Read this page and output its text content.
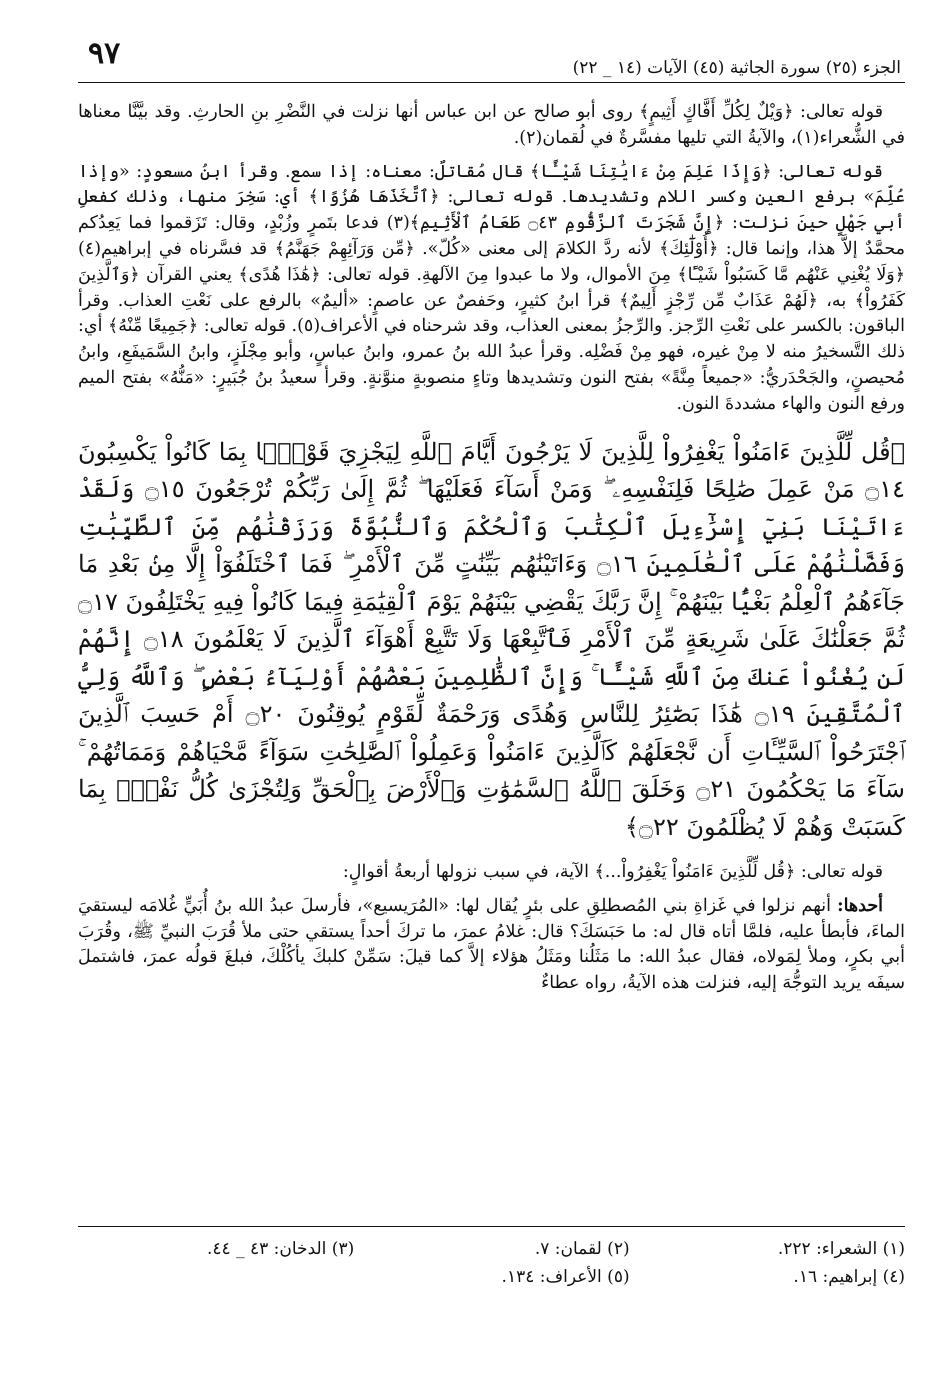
٩٧	الجزء (٢٥) سورة الجاثية (٤٥) الآيات (١٤ _ ٢٢)

قوله تعالى: ﴿وَيْلٌ لِكُلِّ أَفَّاكٍ أَثِيمٍ﴾ روى أبو صالح عن ابن عباس أنها نزلت في النَّضْرِ بنِ الحارثِ. وقد بيَّنَّا معناها في الشُّعراء(١)، والآيةُ التي تليها مفسَّرةٌ في لُقمان(٢).

قوله تعالى: ﴿وَإِذَا عَلِمَ مِنْ ءَايَٰتِنَا شَيْـًٔا﴾ قال مُقاتلٌ: معناه: إذا سمع. وقرأ ابنُ مسعودٍ: «وإذا عُلِّمَ» برفع العين وكسر اللام وتشديدها. قوله تعالى: ﴿ٱتَّخَذَهَا هُزُوًا﴾ أي: سَخِرَ منها، وذلك كفعلِ أبي جَهْلٍ حينَ نزلت: ﴿إِنَّ شَجَرَتَ ٱلزَّقُّومِ ۝٤٣ طَعَامُ ٱلْأَثِيمِ﴾(٣) فدعا بتَمرٍ وزُبْدٍ، وقال: تَزَقموا فما يَعِدُكم محمَّدٌ إلاَّ هذا، وإنما قال: ﴿أُوْلَٰٓئِكَ﴾ لأنه ردَّ الكلامَ إلى معنى «كُلّ». ﴿مِّن وَرَآئِهِمْ جَهَنَّمُ﴾ قد فسَّرناه في إبراهيم(٤) ﴿وَلَا يُغْنِي عَنْهُم مَّا كَسَبُواْ شَيْـًٔا﴾ مِنَ الأموال، ولا ما عبدوا مِنَ الآلهةِ. قوله تعالى: ﴿هَٰذَا هُدًى﴾ يعني القرآن ﴿وَٱلَّذِينَ كَفَرُواْ﴾ به، ﴿لَهُمْ عَذَابٌ مِّن رِّجْزٍ أَلِيمٌ﴾ قرأ ابنُ كثيرٍ، وحَفصٌ عن عاصمٍ: «أليمٌ» بالرفع على نَعْتِ العذاب. وقرأ الباقون: بالكسر على نَعْتِ الرِّجز. والرِّجزُ بمعنى العذاب، وقد شرحناه في الأعراف(٥). قوله تعالى: ﴿جَمِيعًا مِّنْهُ﴾ أي: ذلك التَّسخيرُ منه لا مِنْ غيره، فهو مِنْ فَضْلِه. وقرأ عبدُ الله بنُ عمرو، وابنُ عباسٍ، وأبو مِجْلَزٍ، وابنُ السَّمَيفَعِ، وابنُ مُحيصنٍ، والجَحْدَريُّ: «جميعاً مِنَّةً» بفتح النون وتشديدها وتاءٍ منصوبةٍ منوَّنةٍ. وقرأ سعيدُ بنُ جُبَيرٍ: «مَنُّهُ» بفتح الميم ورفع النون والهاء مشددةَ النون.

﴿قُل لِّلَّذِينَ ءَامَنُواْ يَغْفِرُواْ لِلَّذِينَ لَا يَرْجُونَ أَيَّامَ ٱللَّهِ لِيَجْزِيَ قَوْمًۢا بِمَا كَانُواْ يَكْسِبُونَ ۝١٤ مَنْ عَمِلَ صَٰلِحًا فَلِنَفْسِهِۦ ۖ وَمَنْ أَسَآءَ فَعَلَيْهَا ۖ ثُمَّ إِلَىٰ رَبِّكُمْ تُرْجَعُونَ ۝١٥ وَلَقَدْ ءَاتَيْنَا بَنِيٓ إِسْرَٰٓءِيلَ ٱلْكِتَٰبَ وَٱلْحُكْمَ وَٱلنُّبُوَّةَ وَرَزَقْنَٰهُم مِّنَ ٱلطَّيِّبَٰتِ وَفَضَّلْنَٰهُمْ عَلَى ٱلْعَٰلَمِينَ ۝١٦ وَءَاتَيْنَٰهُم بَيِّنَٰتٍ مِّنَ ٱلْأَمْرِ ۖ فَمَا ٱخْتَلَفُوٓاْ إِلَّا مِنۢ بَعْدِ مَا جَآءَهُمُ ٱلْعِلْمُ بَغْيًۢا بَيْنَهُمْ ۚ إِنَّ رَبَّكَ يَقْضِي بَيْنَهُمْ يَوْمَ ٱلْقِيَٰمَةِ فِيمَا كَانُواْ فِيهِ يَخْتَلِفُونَ ۝١٧ ثُمَّ جَعَلْنَٰكَ عَلَىٰ شَرِيعَةٍ مِّنَ ٱلْأَمْرِ فَٱتَّبِعْهَا وَلَا تَتَّبِعْ أَهْوَآءَ ٱلَّذِينَ لَا يَعْلَمُونَ ۝١٨ إِنَّهُمْ لَن يُغْنُواْ عَنكَ مِنَ ٱللَّهِ شَيْـًٔا ۚ وَإِنَّ ٱلظَّٰلِمِينَ بَعْضُهُمْ أَوْلِيَآءُ بَعْضٍ ۖ وَٱللَّهُ وَلِيُّ ٱلْمُتَّقِينَ ۝١٩ هَٰذَا بَصَٰٓئِرُ لِلنَّاسِ وَهُدًى وَرَحْمَةٌ لِّقَوْمٍ يُوقِنُونَ ۝٢٠ أَمْ حَسِبَ ٱلَّذِينَ ٱجْتَرَحُواْ ٱلسَّيِّـَٔاتِ أَن نَّجْعَلَهُمْ كَٱلَّذِينَ ءَامَنُواْ وَعَمِلُواْ ٱلصَّٰلِحَٰتِ سَوَآءً مَّحْيَاهُمْ وَمَمَاتُهُمْ ۚ سَآءَ مَا يَحْكُمُونَ ۝٢١ وَخَلَقَ ٱللَّهُ ٱلسَّمَٰوَٰتِ وَٱلْأَرْضَ بِٱلْحَقِّ وَلِتُجْزَىٰ كُلُّ نَفْسٍۭ بِمَا كَسَبَتْ وَهُمْ لَا يُظْلَمُونَ ۝٢٢﴾

قوله تعالى: ﴿قُل لِّلَّذِينَ ءَامَنُواْ يَغْفِرُواْ...﴾ الآية، في سبب نزولها أربعةُ أقوالٍ:

أحدها: أنهم نزلوا في غَزاةِ بني المُصطلِقِ على بئرٍ يُقال لها: «المُرَيسيع»، فأرسلَ عبدُ الله بنُ أُبَيٍّ غُلامَه ليستقيَ الماءَ، فأبطأ عليه، فلمَّا أتاه قال له: ما حَبَسَكَ؟ قال: غلامُ عمرَ، ما تركَ أحداً يستقي حتى ملأ قُرَبَ النبيِّ ﷺ، وقُرَبَ أبي بكرٍ، وملأ لِمَولاه، فقال عبدُ الله: ما مَثَلُنا ومَثَلُ هؤلاء إلاَّ كما قيلَ: سَمِّنْ كلبكَ يأكُلْكَ، فبلغَ قولُه عمرَ، فاشتملَ سيفَه يريد التوجُّهَ إليه، فنزلت هذه الآيةُ، رواه عطاءٌ

(١) الشعراء: ٢٢٢.
(٢) لقمان: ٧.
(٣) الدخان: ٤٣ _ ٤٤.
(٤) إبراهيم: ١٦.
(٥) الأعراف: ١٣٤.
